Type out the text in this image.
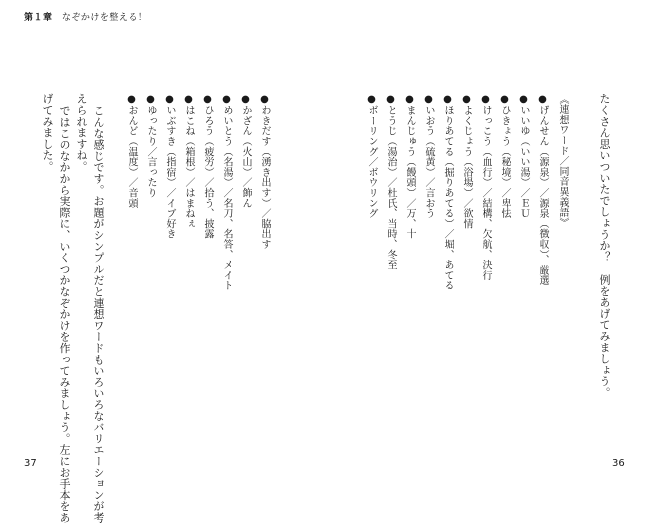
第１章 なぞかけを整える！
たくさん思いついたでしょうか？　例をあげてみましょう。
《連想ワード／同音異義語》
●げんせん（源泉）／源泉（徴収）、厳選
●いいゆ（いい湯）／ＥＵ
●ひきょう（秘境）／卑怯
●けっこう（血行）／結構、欠航、決行
●よくじょう（浴場）／欲情
●ほりあてる（掘りあてる）／堀、あてる
●いおう（硫黄）／言おう
●まんじゅう（饅頭）／万、十
●とうじ（湯治）／杜氏、当時、冬至
●ボーリング／ボウリング
●わきだす（湧き出す）／脇出す
●かざん（火山）／飾ん
●めいとう（名湯）／名刀、名答、メイト
●ひろう（疲労）／拾う、披露
●はこね（箱根）／はまねぇ
●いぶすき（指宿）／イブ好き
●ゆったり／言ったり
●おんど（温度）／音頭
こんな感じです。お題がシンプルだと連想ワードもいろいろなバリエーションが考
えられますね。
ではこのなかから実際に、いくつかなぞかけを作ってみましょう。左にお手本をあ
げてみました。
37	36
